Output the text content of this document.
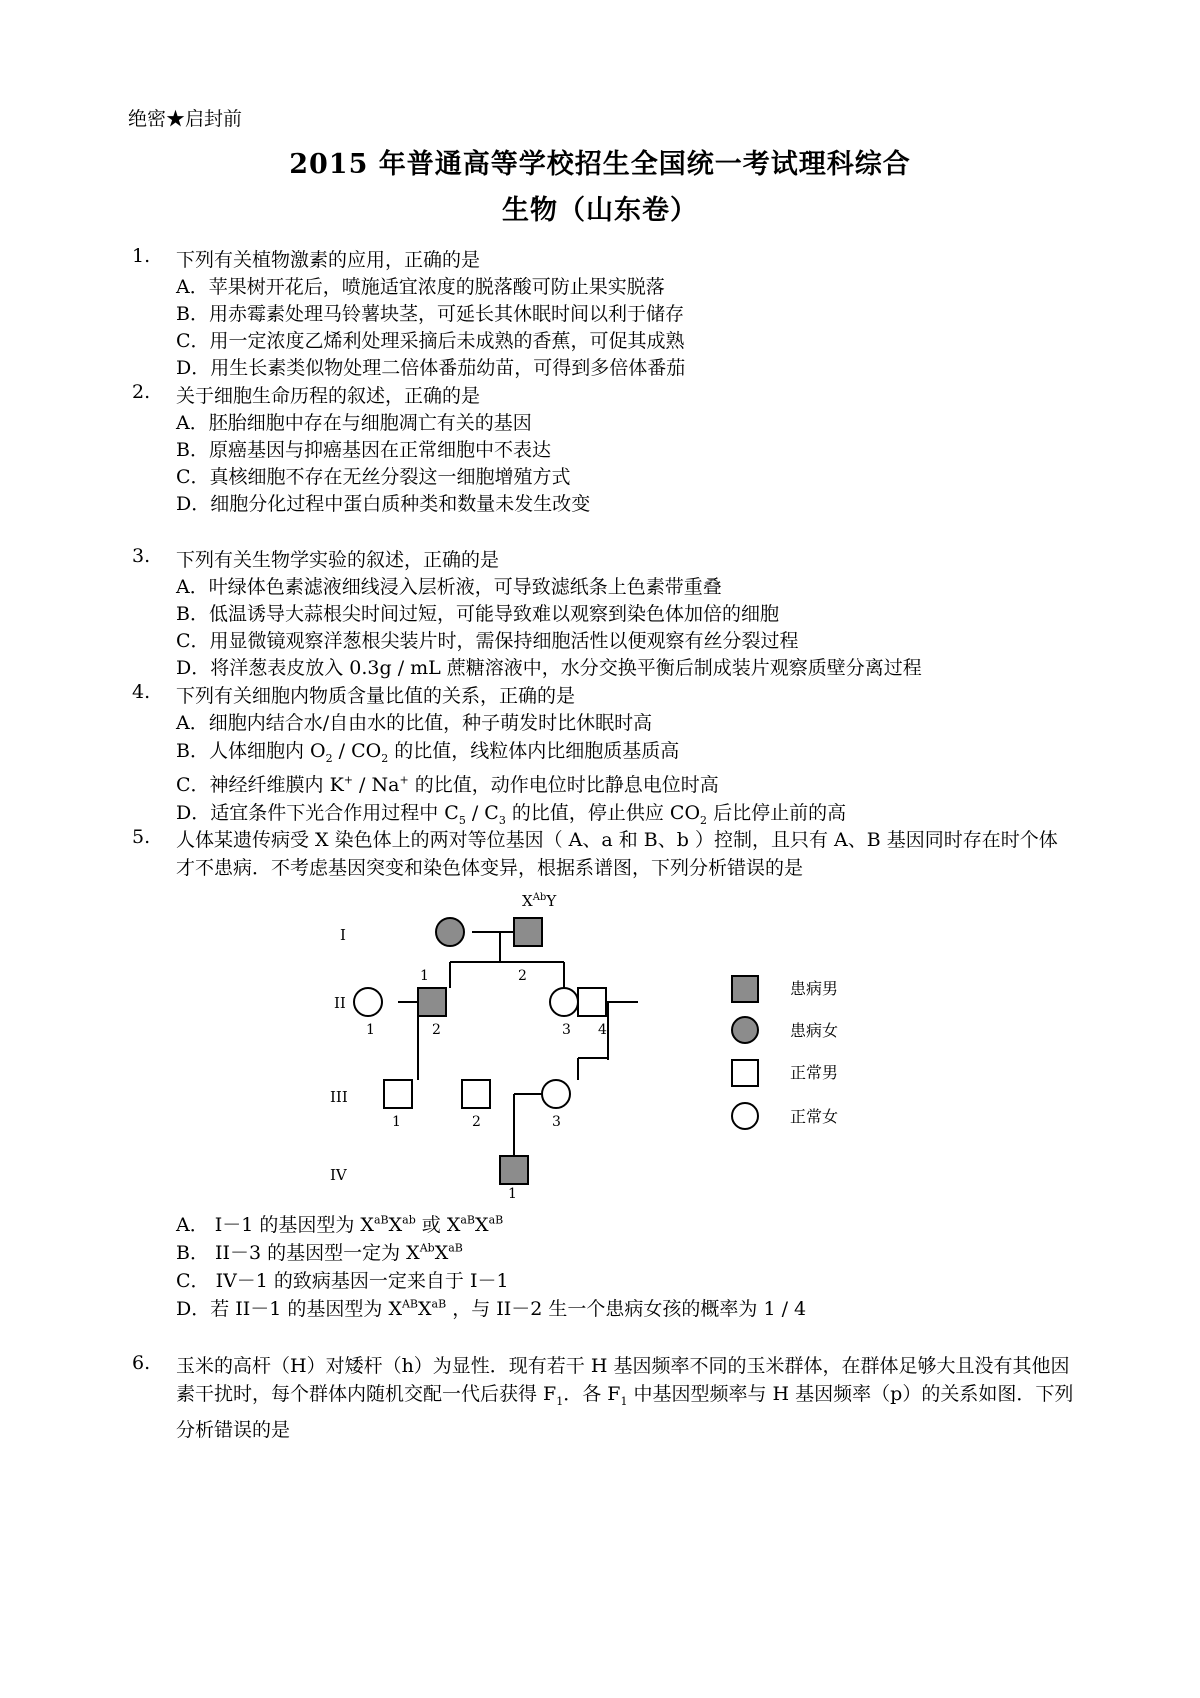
绝密★启封前
2015 年普通高等学校招生全国统一考试理科综合
生物（山东卷）
1. 下列有关植物激素的应用，正确的是
A．苹果树开花后，喷施适宜浓度的脱落酸可防止果实脱落
B．用赤霉素处理马铃薯块茎，可延长其休眠时间以利于储存
C．用一定浓度乙烯利处理采摘后未成熟的香蕉，可促其成熟
D．用生长素类似物处理二倍体番茄幼苗，可得到多倍体番茄
2. 关于细胞生命历程的叙述，正确的是
A．胚胎细胞中存在与细胞凋亡有关的基因
B．原癌基因与抑癌基因在正常细胞中不表达
C．真核细胞不存在无丝分裂这一细胞增殖方式
D．细胞分化过程中蛋白质种类和数量未发生改变
3. 下列有关生物学实验的叙述，正确的是
A．叶绿体色素滤液细线浸入层析液，可导致滤纸条上色素带重叠
B．低温诱导大蒜根尖时间过短，可能导致难以观察到染色体加倍的细胞
C．用显微镜观察洋葱根尖装片时，需保持细胞活性以便观察有丝分裂过程
D．将洋葱表皮放入 0.3g / mL 蔗糖溶液中，水分交换平衡后制成装片观察质壁分离过程
4. 下列有关细胞内物质含量比值的关系，正确的是
A．细胞内结合水/自由水的比值，种子萌发时比休眠时高
B．人体细胞内 $O_2 / CO_2$ 的比值，线粒体内比细胞质基质高
C．神经纤维膜内 K+ / Na+ 的比值，动作电位时比静息电位时高
D．适宜条件下光合作用过程中 $C_5 / C_3$ 的比值，停止供应 $CO_2$ 后比停止前的高
5. 人体某遗传病受 X 染色体上的两对等位基因（ A、a 和 B、b ）控制，且只有 A、B 基因同时存在时个体才不患病．不考虑基因突变和染色体变异，根据系谱图，下列分析错误的是
I
II
III
IV
$X^{Ab}Y$
1	2
1	2	3 4
1	2	3
1
患病男
患病女
正常男
正常女
A． I－1 的基因型为 $X^{aB}X^{ab}$ 或 $X^{aB}X^{aB}$
B． II－3 的基因型一定为 $X^{Ab}X^{aB}$
C． IV－1 的致病基因一定来自于 I－1
D．若 II－1 的基因型为 $X^{AB}X^{aB}$ ，与 II－2 生一个患病女孩的概率为 1 / 4
6. 玉米的高杆（H）对矮杆（h）为显性．现有若干 H 基因频率不同的玉米群体，在群体足够大且没有其他因素干扰时，每个群体内随机交配一代后获得 $F_1$．各 $F_1$ 中基因型频率与 H 基因频率（p）的关系如图．下列分析错误的是
